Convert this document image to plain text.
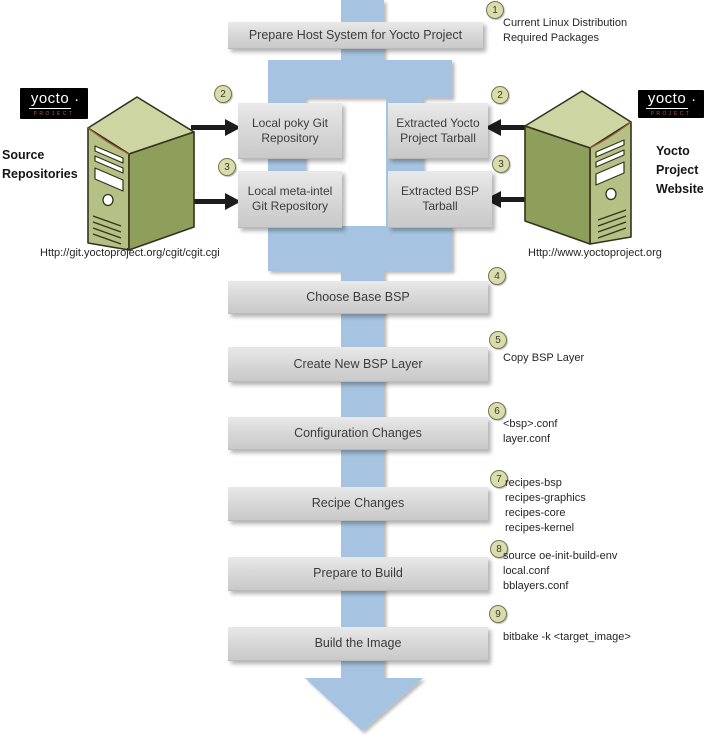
Prepare Host System for Yocto Project
1
Current Linux Distribution
Required Packages
yocto ·
PROJECT
Source
Repositories
Http://git.yoctoproject.org/cgit/cgit.cgi
yocto ·
PROJECT
Yocto
Project
Website
Http://www.yoctoproject.org
2
Local poky Git Repository
3
Local meta-intel Git Repository
2
Extracted Yocto Project Tarball
3
Extracted BSP Tarball
4
Choose Base BSP
5
Create New BSP Layer	Copy BSP Layer
6
Configuration Changes
<bsp>.conf
layer.conf
7
Recipe Changes
recipes-bsp
recipes-graphics
recipes-core
recipes-kernel
8
Prepare to Build
source oe-init-build-env
local.conf
bblayers.conf
9
Build the Image	bitbake -k <target_image>
